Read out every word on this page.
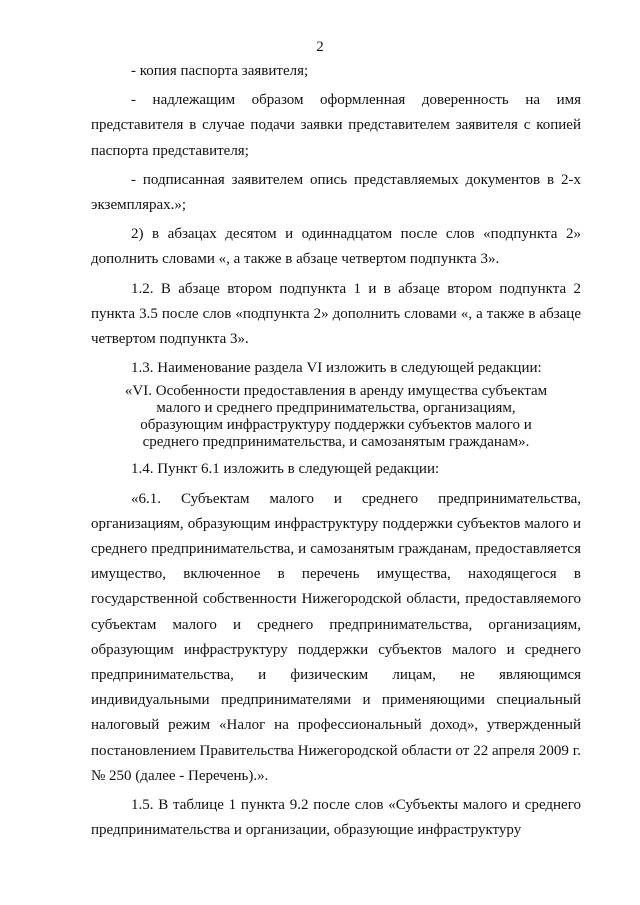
2

- копия паспорта заявителя;

- надлежащим образом оформленная доверенность на имя представителя в случае подачи заявки представителем заявителя с копией паспорта представителя;

- подписанная заявителем опись представляемых документов в 2-х экземплярах.»;

2) в абзацах десятом и одиннадцатом после слов «подпункта 2» дополнить словами «, а также в абзаце четвертом подпункта 3».

1.2. В абзаце втором подпункта 1 и в абзаце втором подпункта 2 пункта 3.5 после слов «подпункта 2» дополнить словами «, а также в абзаце четвертом подпункта 3».

1.3. Наименование раздела VI изложить в следующей редакции:

«VI. Особенности предоставления в аренду имущества субъектам
малого и среднего предпринимательства, организациям,
образующим инфраструктуру поддержки субъектов малого и
среднего предпринимательства, и самозанятым гражданам».

1.4. Пункт 6.1 изложить в следующей редакции:

«6.1. Субъектам малого и среднего предпринимательства, организациям, образующим инфраструктуру поддержки субъектов малого и среднего предпринимательства, и самозанятым гражданам, предоставляется имущество, включенное в перечень имущества, находящегося в государственной собственности Нижегородской области, предоставляемого субъектам малого и среднего предпринимательства, организациям, образующим инфраструктуру поддержки субъектов малого и среднего предпринимательства, и физическим лицам, не являющимся индивидуальными предпринимателями и применяющими специальный налоговый режим «Налог на профессиональный доход», утвержденный постановлением Правительства Нижегородской области от 22 апреля 2009 г. № 250 (далее - Перечень).».

1.5. В таблице 1 пункта 9.2 после слов «Субъекты малого и среднего предпринимательства и организации, образующие инфраструктуру
